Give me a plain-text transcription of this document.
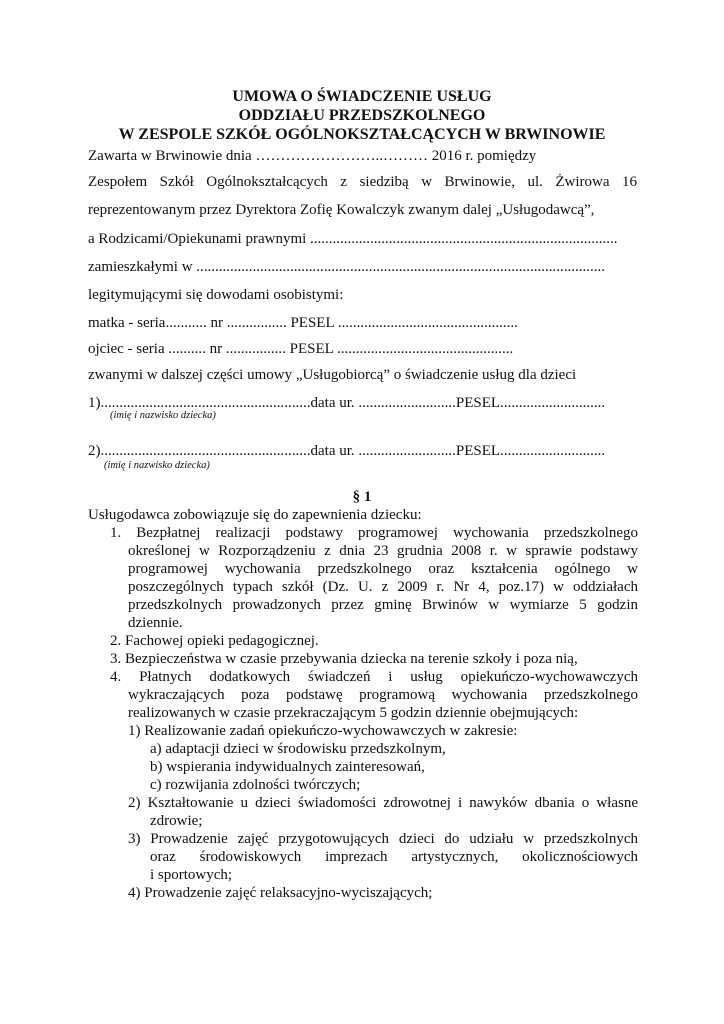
UMOWA O ŚWIADCZENIE USŁUG

ODDZIAŁU PRZEDSZKOLNEGO

W ZESPOLE SZKÓŁ OGÓLNOKSZTAŁCĄCYCH W BRWINOWIE

Zawarta w Brwinowie dnia ……………………..……… 2016 r. pomiędzy

Zespołem Szkół Ogólnokształcących z siedzibą w Brwinowie, ul. Żwirowa 16

reprezentowanym przez Dyrektora Zofię Kowalczyk zwanym dalej „Usługodawcą”,

a Rodzicami/Opiekunami prawnymi ..................................................................................

zamieszkałymi w .............................................................................................................

legitymującymi się dowodami osobistymi:

matka - seria........... nr ................ PESEL ................................................

ojciec - seria .......... nr ................ PESEL ...............................................

zwanymi w dalszej części umowy „Usługobiorcą” o świadczenie usług dla dzieci

1)........................................................data ur. ..........................PESEL............................

(imię i nazwisko dziecka)

2)........................................................data ur. ..........................PESEL............................

(imię i nazwisko dziecka)
§ 1

Usługodawca zobowiązuje się do zapewnienia dziecku:

1. Bezpłatnej realizacji podstawy programowej wychowania przedszkolnego

określonej w Rozporządzeniu z dnia 23 grudnia 2008 r. w sprawie podstawy

programowej wychowania przedszkolnego oraz kształcenia ogólnego w

poszczególnych typach szkół (Dz. U. z 2009 r. Nr 4, poz.17) w oddziałach

przedszkolnych prowadzonych przez gminę Brwinów w wymiarze 5 godzin

dziennie.

2. Fachowej opieki pedagogicznej.

3. Bezpieczeństwa w czasie przebywania dziecka na terenie szkoły i poza nią,

4. Płatnych dodatkowych świadczeń i usług opiekuńczo-wychowawczych

wykraczających poza podstawę programową wychowania przedszkolnego

realizowanych w czasie przekraczającym 5 godzin dziennie obejmujących:

1) Realizowanie zadań opiekuńczo-wychowawczych w zakresie:

a) adaptacji dzieci w środowisku przedszkolnym,

b) wspierania indywidualnych zainteresowań,

c) rozwijania zdolności twórczych;

2) Kształtowanie u dzieci świadomości zdrowotnej i nawyków dbania o własne

zdrowie;

3) Prowadzenie zajęć przygotowujących dzieci do udziału w przedszkolnych

oraz środowiskowych imprezach artystycznych, okolicznościowych

i sportowych;

4) Prowadzenie zajęć relaksacyjno-wyciszających;
